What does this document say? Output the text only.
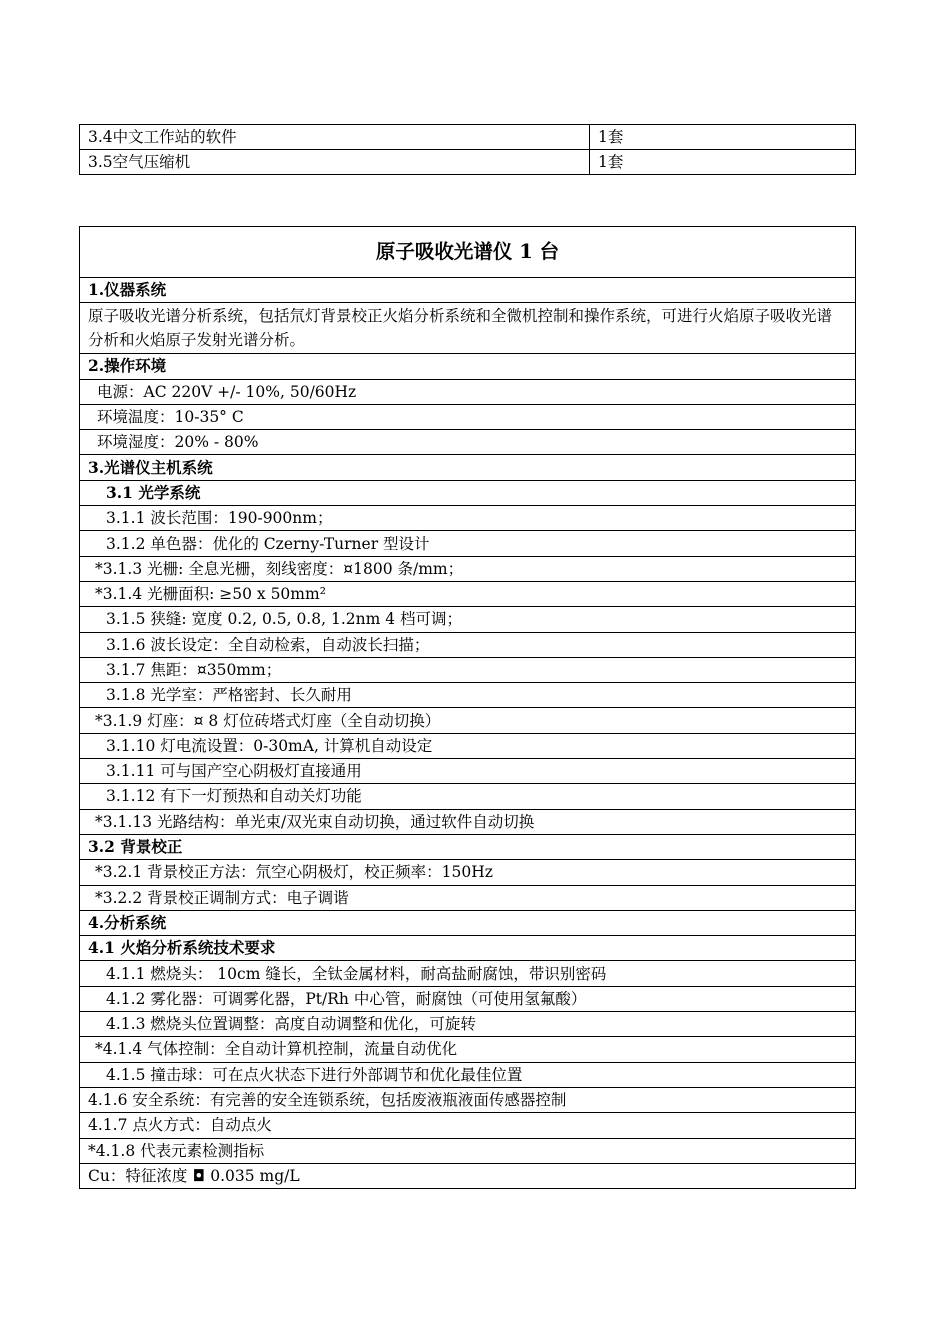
3.4中文工作站的软件	1套
3.5空气压缩机	1套
原子吸收光谱仪 1 台
1.仪器系统
原子吸收光谱分析系统，包括氘灯背景校正火焰分析系统和全微机控制和操作系统，可进行火焰原子吸收光谱分析和火焰原子发射光谱分析。
2.操作环境
电源：AC 220V +/- 10%, 50/60Hz
环境温度：10-35° C
环境湿度：20% - 80%
3.光谱仪主机系统
3.1 光学系统
3.1.1 波长范围：190-900nm；
3.1.2 单色器：优化的 Czerny-Turner 型设计
*3.1.3 光栅: 全息光栅，刻线密度：¤1800 条/mm；
*3.1.4 光栅面积: ≥50 x 50mm²
3.1.5 狭缝: 宽度 0.2, 0.5, 0.8, 1.2nm 4 档可调；
3.1.6 波长设定：全自动检索，自动波长扫描；
3.1.7 焦距：¤350mm；
3.1.8 光学室：严格密封、长久耐用
*3.1.9 灯座：¤ 8 灯位砖塔式灯座（全自动切换）
3.1.10 灯电流设置：0-30mA, 计算机自动设定
3.1.11 可与国产空心阴极灯直接通用
3.1.12 有下一灯预热和自动关灯功能
*3.1.13 光路结构：单光束/双光束自动切换，通过软件自动切换
3.2 背景校正
*3.2.1 背景校正方法：氘空心阴极灯，校正频率：150Hz
*3.2.2 背景校正调制方式：电子调谐
4.分析系统
4.1 火焰分析系统技术要求
4.1.1 燃烧头： 10cm 缝长，全钛金属材料，耐高盐耐腐蚀，带识别密码
4.1.2 雾化器：可调雾化器，Pt/Rh 中心管，耐腐蚀（可使用氢氟酸）
4.1.3 燃烧头位置调整：高度自动调整和优化，可旋转
*4.1.4 气体控制：全自动计算机控制，流量自动优化
4.1.5 撞击球：可在点火状态下进行外部调节和优化最佳位置
4.1.6 安全系统：有完善的安全连锁系统，包括废液瓶液面传感器控制
4.1.7 点火方式：自动点火
*4.1.8 代表元素检测指标
Cu：特征浓度 ◘ 0.035 mg/L
